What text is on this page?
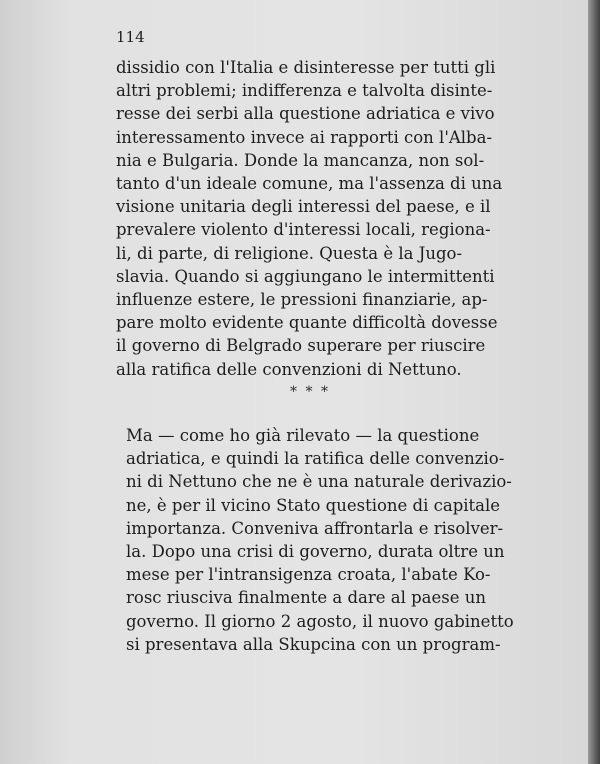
114

dissidio con l'Italia e disinteresse per tutti gli
altri problemi; indifferenza e talvolta disinte-
resse dei serbi alla questione adriatica e vivo
interessamento invece ai rapporti con l'Alba-
nia e Bulgaria. Donde la mancanza, non sol-
tanto d'un ideale comune, ma l'assenza di una
visione unitaria degli interessi del paese, e il
prevalere violento d'interessi locali, regiona-
li, di parte, di religione. Questa è la Jugo-
slavia. Quando si aggiungano le intermittenti
influenze estere, le pressioni finanziarie, ap-
pare molto evidente quante difficoltà dovesse
il governo di Belgrado superare per riuscire
alla ratifica delle convenzioni di Nettuno.

* * *

Ma — come ho già rilevato — la questione
adriatica, e quindi la ratifica delle convenzio-
ni di Nettuno che ne è una naturale derivazio-
ne, è per il vicino Stato questione di capitale
importanza. Conveniva affrontarla e risolver-
la. Dopo una crisi di governo, durata oltre un
mese per l'intransigenza croata, l'abate Ko-
rosc riusciva finalmente a dare al paese un
governo. Il giorno 2 agosto, il nuovo gabinetto
si presentava alla Skupcina con un program-
